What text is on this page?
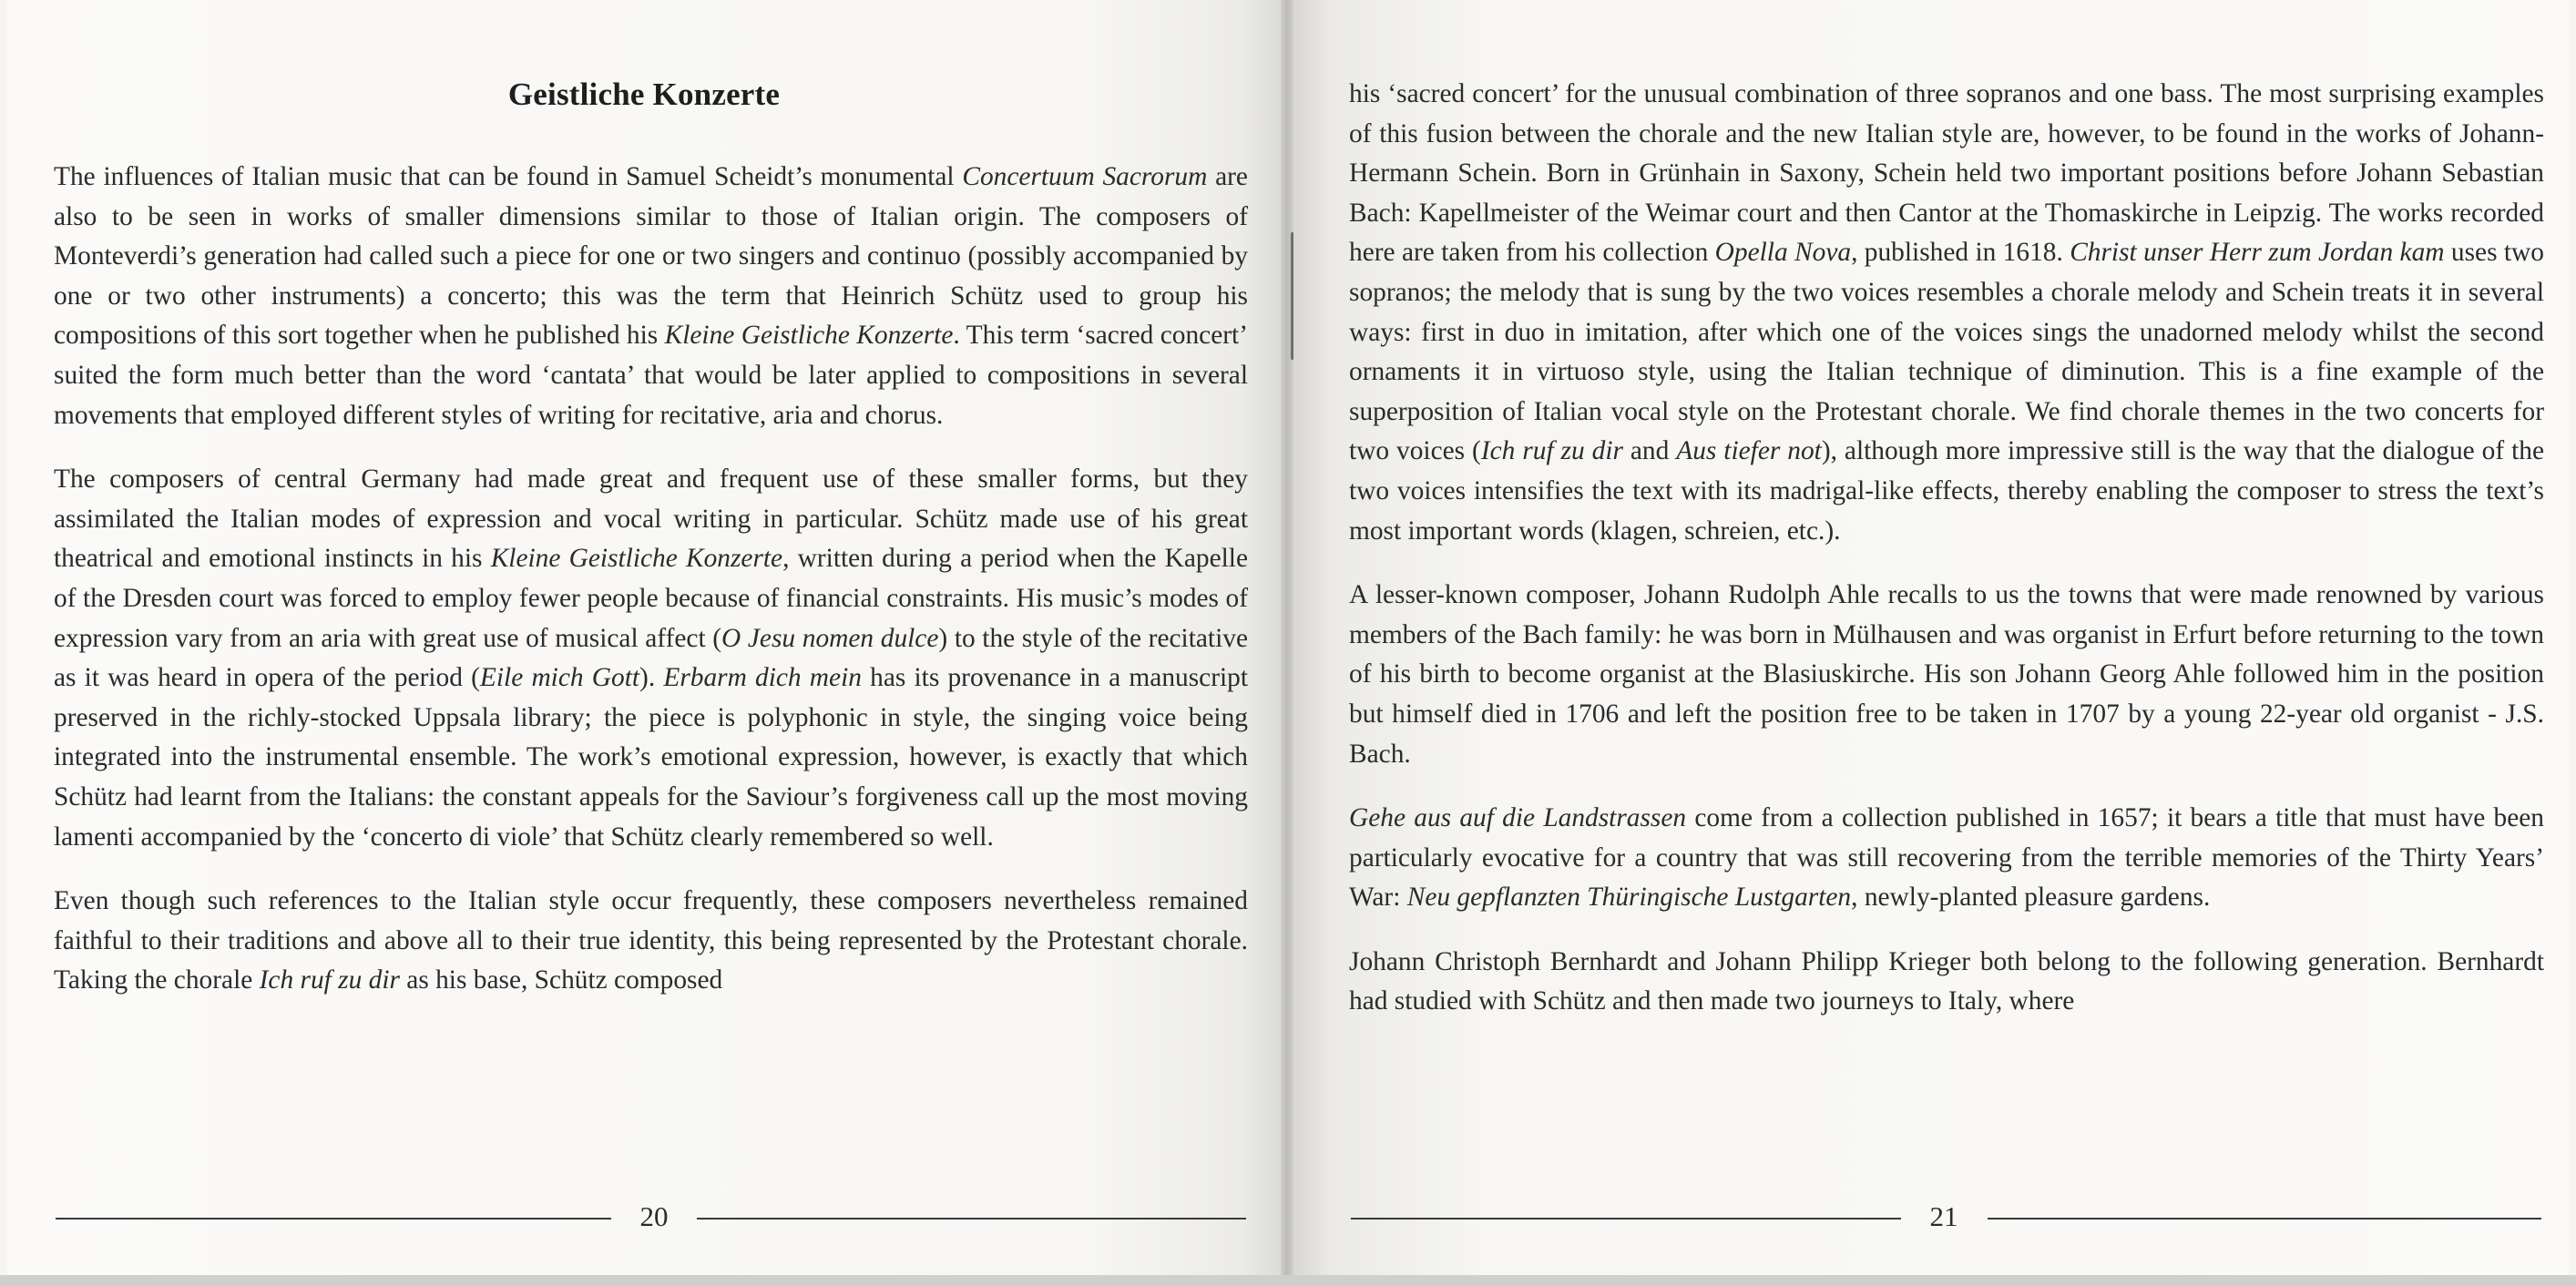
Geistliche Konzerte

The influences of Italian music that can be found in Samuel Scheidt’s monumental Concertuum Sacrorum are also to be seen in works of smaller dimensions similar to those of Italian origin. The composers of Monteverdi’s generation had called such a piece for one or two singers and continuo (possibly accompanied by one or two other instruments) a concerto; this was the term that Heinrich Schütz used to group his compositions of this sort together when he published his Kleine Geistliche Konzerte. This term ‘sacred concert’ suited the form much better than the word ‘cantata’ that would be later applied to compositions in several movements that employed different styles of writing for recitative, aria and chorus.

The composers of central Germany had made great and frequent use of these smaller forms, but they assimilated the Italian modes of expression and vocal writing in particular. Schütz made use of his great theatrical and emotional instincts in his Kleine Geistliche Konzerte, written during a period when the Kapelle of the Dresden court was forced to employ fewer people because of financial constraints. His music’s modes of expression vary from an aria with great use of musical affect (O Jesu nomen dulce) to the style of the recitative as it was heard in opera of the period (Eile mich Gott). Erbarm dich mein has its provenance in a manuscript preserved in the richly-stocked Uppsala library; the piece is polyphonic in style, the singing voice being integrated into the instrumental ensemble. The work’s emotional expression, however, is exactly that which Schütz had learnt from the Italians: the constant appeals for the Saviour’s forgiveness call up the most moving lamenti accompanied by the ‘concerto di viole’ that Schütz clearly remembered so well.

Even though such references to the Italian style occur frequently, these composers nevertheless remained faithful to their traditions and above all to their true identity, this being represented by the Protestant chorale. Taking the chorale Ich ruf zu dir as his base, Schütz composed

20

his ‘sacred concert’ for the unusual combination of three sopranos and one bass. The most surprising examples of this fusion between the chorale and the new Italian style are, however, to be found in the works of Johann-Hermann Schein. Born in Grünhain in Saxony, Schein held two important positions before Johann Sebastian Bach: Kapellmeister of the Weimar court and then Cantor at the Thomaskirche in Leipzig. The works recorded here are taken from his collection Opella Nova, published in 1618. Christ unser Herr zum Jordan kam uses two sopranos; the melody that is sung by the two voices resembles a chorale melody and Schein treats it in several ways: first in duo in imitation, after which one of the voices sings the unadorned melody whilst the second ornaments it in virtuoso style, using the Italian technique of diminution. This is a fine example of the superposition of Italian vocal style on the Protestant chorale. We find chorale themes in the two concerts for two voices (Ich ruf zu dir and Aus tiefer not), although more impressive still is the way that the dialogue of the two voices intensifies the text with its madrigal-like effects, thereby enabling the composer to stress the text’s most important words (klagen, schreien, etc.).

A lesser-known composer, Johann Rudolph Ahle recalls to us the towns that were made renowned by various members of the Bach family: he was born in Mülhausen and was organist in Erfurt before returning to the town of his birth to become organist at the Blasiuskirche. His son Johann Georg Ahle followed him in the position but himself died in 1706 and left the position free to be taken in 1707 by a young 22-year old organist - J.S. Bach.

Gehe aus auf die Landstrassen come from a collection published in 1657; it bears a title that must have been particularly evocative for a country that was still recovering from the terrible memories of the Thirty Years’ War: Neu gepflanzten Thüringische Lustgarten, newly-planted pleasure gardens.

Johann Christoph Bernhardt and Johann Philipp Krieger both belong to the following generation. Bernhardt had studied with Schütz and then made two journeys to Italy, where

21
